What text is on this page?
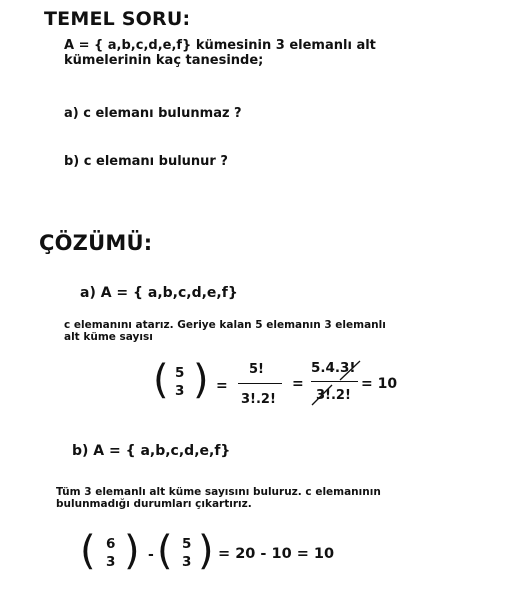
TEMEL SORU:
A = { a,b,c,d,e,f} kümesinin 3 elemanlı alt
kümelerinin kaç tanesinde;
a) c elemanı bulunmaz ?
b) c elemanı bulunur ?
ÇÖZÜMÜ:
a) A = { a,b,c,d,e,f}
c elemanını atarız. Geriye kalan 5 elemanın 3 elemanlı
alt küme sayısı
( 5
3 ) =
5!
3!.2!
=
5.4.3!
3!.2!
= 10
b) A = { a,b,c,d,e,f}
Tüm 3 elemanlı alt küme sayısını buluruz. c elemanının
bulunmadığı durumları çıkartırız.
( 6
3 ) - ( 5
3 ) = 20 - 10 = 10
